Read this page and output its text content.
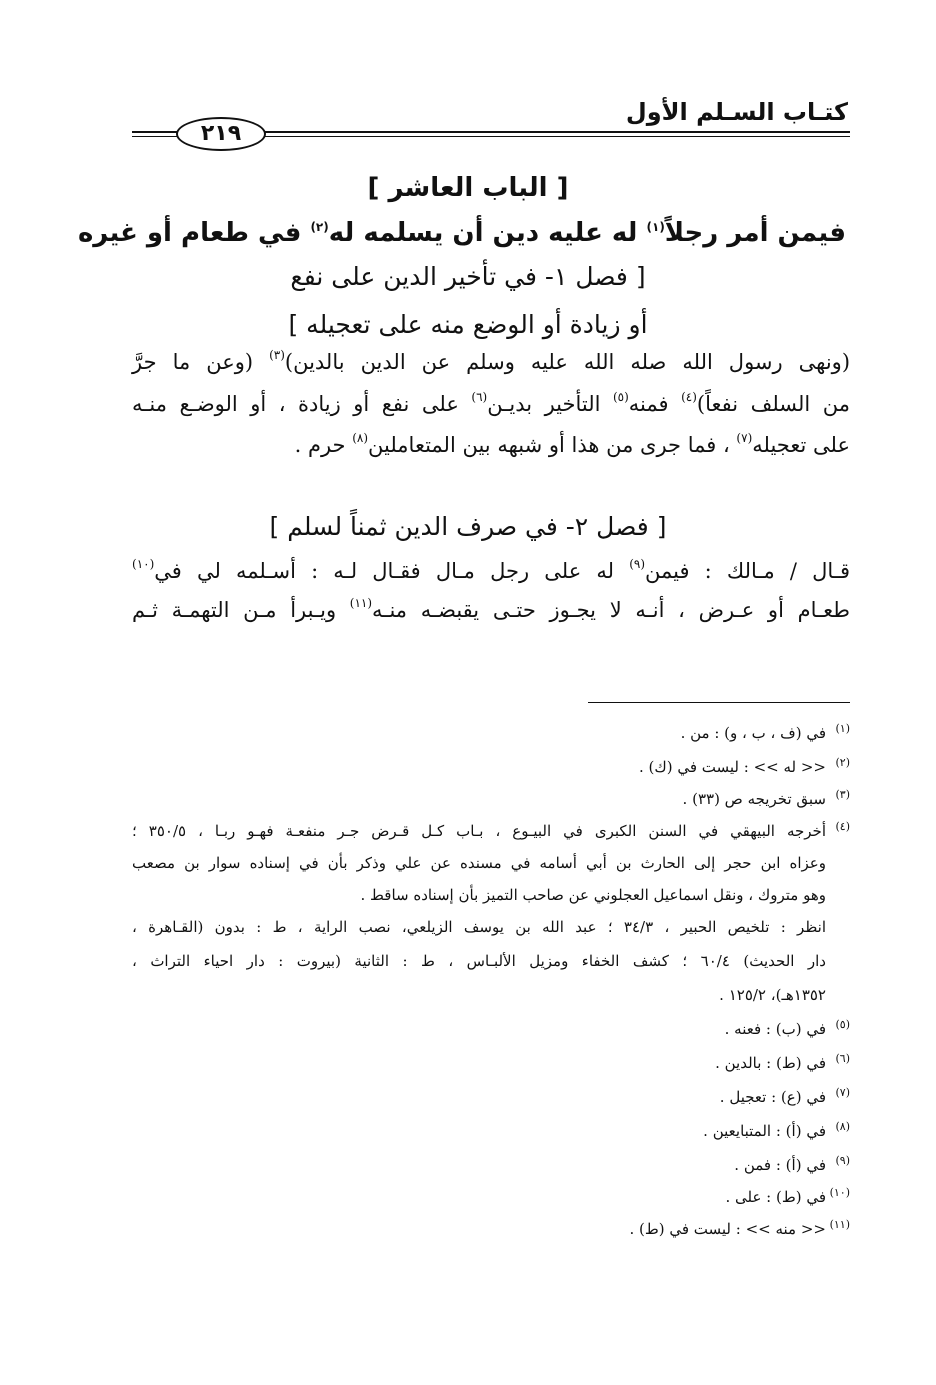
كتـاب السـلم الأول
٢١٩
[ الباب العاشر ]
فيمن أمر رجلاً$^{(١)}$ له عليه دين أن يسلمه له$^{(٢)}$ في طعام أو غيره
[ فصل ١- في تأخير الدين على نفع
أو زيادة أو الوضع منه على تعجيله ]
(ونهى رسول الله صله الله عليه وسلم عن الدين بالدين)$^{(٣)}$ (وعن ما جرَّ
من السلف نفعاً)$^{(٤)}$ فمنه$^{(٥)}$ التأخير بديـن$^{(٦)}$ على نفع أو زيادة ، أو الوضـع منـه
على تعجيله$^{(٧)}$ ، فما جرى من هذا أو شبهه بين المتعاملين$^{(٨)}$ حرم .
[ فصل ٢- في صرف الدين ثمناً لسلم ]
قـال / مـالك : فيمن$^{(٩)}$ له على رجل مـال فقـال لـه : أسـلمه لي في$^{(١٠)}$
طعـام أو عـرض ، أنـه لا يجـوز حتـى يقبضـه منـه$^{(١١)}$ ويـبرأ مـن التهمـة ثـم
(١)في (ف ، ب ، و) : من .
(٢)<< له >> : ليست في (ك) .
(٣)سبق تخريجه ص (٣٣) .
(٤)أخرجه البيهقي في السنن الكبرى في البيـوع ، بـاب كـل قـرض جـر منفعـة فهـو ربـا ، ٣٥٠/٥ ؛
وعزاه ابن حجر إلى الحارث بن أبي أسامه في مسنده عن علي وذكر بأن في إسناده سوار بن مصعب
وهو متروك ، ونقل اسماعيل العجلوني عن صاحب التميز بأن إسناده ساقط .
انظر : تلخيص الحبير ، ٣٤/٣ ؛ عبد الله بن يوسف الزيلعي، نصب الراية ، ط : بدون (القـاهرة ،
دار الحديث) ٦٠/٤ ؛ كشف الخفاء ومزيل الألبـاس ، ط : الثانية (بيروت : دار احياء التراث ،
١٣٥٢هـ)، ١٢٥/٢ .
(٥)في (ب) : فعنه .
(٦)في (ط) : بالدين .
(٧)في (ع) : تعجيل .
(٨)في (أ) : المتبايعين .
(٩)في (أ) : فمن .
(١٠)في (ط) : على .
(١١)<< منه >> : ليست في (ط) .
